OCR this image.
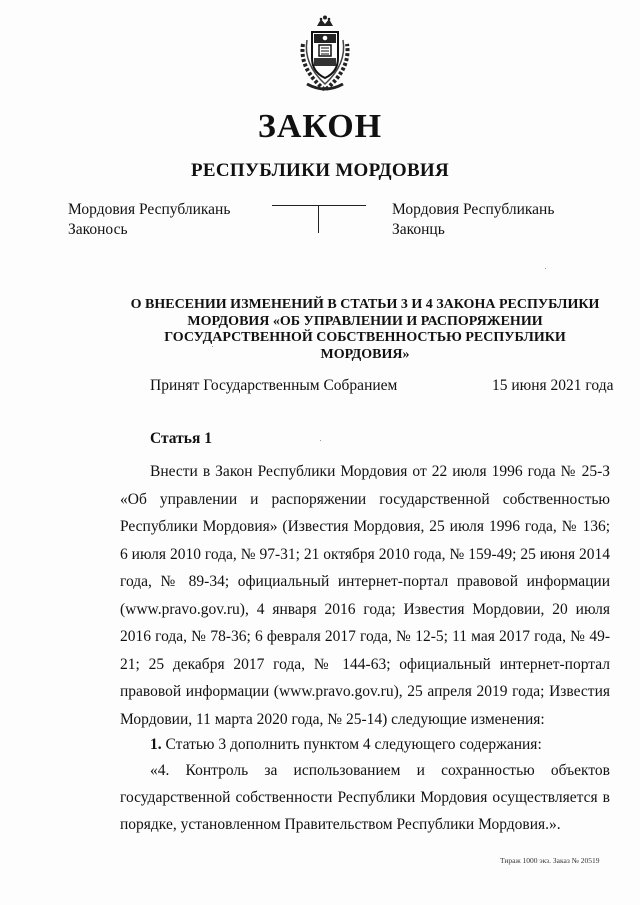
ЗАКОН
РЕСПУБЛИКИ МОРДОВИЯ
Мордовия Республикань
Законось
Мордовия Республикань
Законць
О ВНЕСЕНИИ ИЗМЕНЕНИЙ В СТАТЬИ 3 И 4 ЗАКОНА РЕСПУБЛИКИ МОРДОВИЯ «ОБ УПРАВЛЕНИИ И РАСПОРЯЖЕНИИ ГОСУДАРСТВЕННОЙ СОБСТВЕННОСТЬЮ РЕСПУБЛИКИ МОРДОВИЯ»
Принят Государственным Собранием	15 июня 2021 года
Статья 1

Внести в Закон Республики Мордовия от 22 июля 1996 года № 25-З «Об управлении и распоряжении государственной собственностью Республики Мордовия» (Известия Мордовия, 25 июля 1996 года, № 136; 6 июля 2010 года, № 97-31; 21 октября 2010 года, № 159-49; 25 июня 2014 года, № 89-34; официальный интернет-портал правовой информации (www.pravo.gov.ru), 4 января 2016 года; Известия Мордовии, 20 июля 2016 года, № 78-36; 6 февраля 2017 года, № 12-5; 11 мая 2017 года, № 49-21; 25 декабря 2017 года, № 144-63; официальный интернет-портал правовой информации (www.pravo.gov.ru), 25 апреля 2019 года; Известия Мордовии, 11 марта 2020 года, № 25-14) следующие изменения:

1. Статью 3 дополнить пунктом 4 следующего содержания:

«4. Контроль за использованием и сохранностью объектов государственной собственности Республики Мордовия осуществляется в порядке, установленном Правительством Республики Мордовия.».

Тираж 1000 экз. Заказ № 20519
